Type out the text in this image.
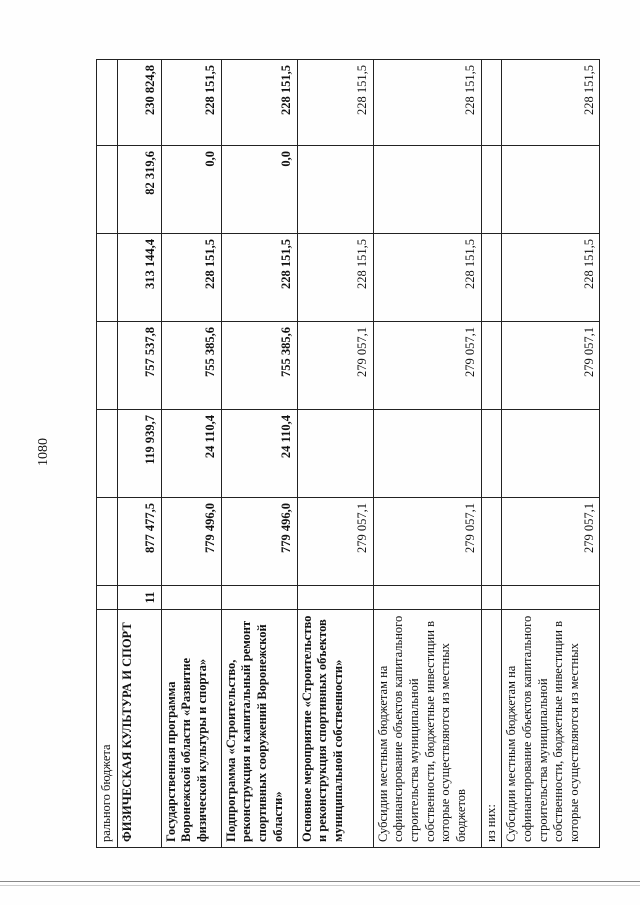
1080
рального бюджета							
ФИЗИЧЕСКАЯ КУЛЬТУРА И СПОРТ	11	877 477,5	119 939,7	757 537,8	313 144,4	82 319,6	230 824,8
Государственная программа Воронежской области «Развитие физической культуры и спорта»		779 496,0	24 110,4	755 385,6	228 151,5	0,0	228 151,5
Подпрограмма «Строительство, реконструкция и капитальный ремонт спортивных сооружений Воронежской области»		779 496,0	24 110,4	755 385,6	228 151,5	0,0	228 151,5
Основное мероприятие «Строительство и реконструкция спортивных объектов муниципальной собственности»		279 057,1		279 057,1	228 151,5		228 151,5
Субсидии местным бюджетам на софинансирование объектов капитального строительства муниципальной собственности, бюджетные инвестиции в которые осуществляются из местных бюджетов		279 057,1		279 057,1	228 151,5		228 151,5
из них:							
Субсидии местным бюджетам на софинансирование объектов капитального строительства муниципальной собственности, бюджетные инвестиции в которые осуществляются из местных		279 057,1		279 057,1	228 151,5		228 151,5
